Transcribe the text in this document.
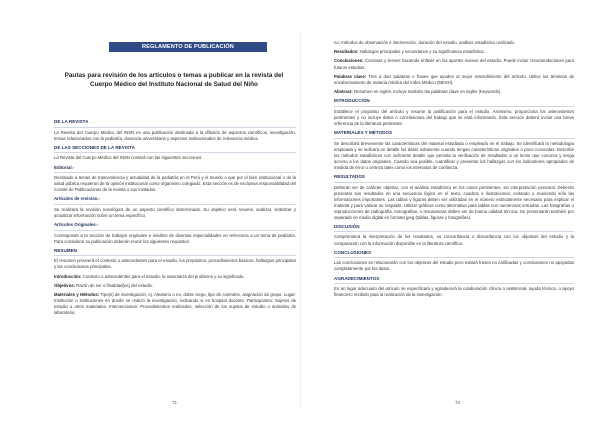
REGLAMENTO DE PUBLICACIÓN
Pautas para revisión de los artículos o temas a publicar en la revista del Cuerpo Médico del Instituto Nacional de Salud del Niño
DE LA REVISTA

La Revista del Cuerpo Médico del INSN es una publicación destinada a la difusión de aspectos científicos, investigación, temas relacionados con la pediatría, docencia universitaria y aspectos institucionales de relevancia médica.

DE LAS SECCIONES DE LA REVISTA

La Revista del Cuerpo Médico del INSN contará con las siguientes secciones:

Editorial.-

Destinado a temas de trascendencia y actualidad de la pediatría en el Perú y el mundo o que por el bien institucional o de la salud pública requieran de la opinión institucional como organismo colegiado. Esta sección es de exclusiva responsabilidad del Comité de Publicaciones de la revista o sus invitados.

Artículos de revisión.-

Se realizará la revisión nosológica de un aspecto científico determinado. Su objetivo será resumir, analizar, sintetizar y actualizar información sobre un tema específico.

Artículos Originales.-

Corresponde a la sección de trabajos originales e inéditos de diversas especialidades en referencia a un tema de pediatría. Para considerar su publicación deberán reunir los siguientes requisitos:

RESUMEN

El resumen proveerá el contexto o antecedentes para el estudio, los propósitos, procedimientos básicos, hallazgos principales y las conclusiones principales.

Introducción: Contexto o antecedentes para el estudio, la naturaleza del problema y su significado.

Objetivos: Razón de ser o finalidad(es) del estudio.

Materiales y Métodos: Tipo(s) de investigación, ej. Aleatorio o no, doble ciego, tipo de controles, asignación de grupo. Lugar: Institución o instituciones en donde se realizó la investigación, indicando si es hospital docente. Participantes: Sujetos de estudio u otros materiales. Intervenciones: Procedimientos realizados, selección de los sujetos de estudio o animales de laboratorio,

71

no; métodos de observación e intervención, duración del estudio, análisis estadístico realizado.

Resultados: Hallazgos principales y secundarios y su significancia estadística.

Conclusiones: Concisas y breves haciendo énfasis en los aportes nuevos del estudio. Puede incluir recomendaciones para futuros estudios.

Palabras clave: Tres a diez palabras o frases que ayuden al mejor entendimiento del artículo. Utilice los términos de encabezamiento de materia médica del Index Médico (MESH).

Abstract: Resumen en inglés. Incluye también las palabras clave en inglés (Keywords).

INTRODUCCIÓN

Establece el propósito del artículo y resume la justificación para el estudio. Asimismo, proporciona los antecedentes pertinentes y no incluye datos o conclusiones del trabajo que se está informando. Esta sección deberá incluir una breve referencia de la literatura pertinente.

MATERIALES Y MÉTODOS

Se describirá brevemente las características del material estudiado o empleado en el trabajo. Se identificará la metodología empleada y se indicará en detalle los datos solamente cuando tengan características originales o poco conocidas. Describir los métodos estadísticos con suficiente detalle que permita la verificación de resultados a un lector que conozca y tenga acceso a los datos originales. Cuando sea posible, cuantificar y presentar los hallazgos con los indicadores apropiados de medida de error o certeza tales como los intervalos de confianza.

RESULTADOS

Deberán ser de carácter objetivo, con el análisis estadístico en los casos pertinentes, sin interpretación personal. Deberán presentar sus resultados en una secuencia lógica en el texto, cuadros e ilustraciones; evitando o reuniendo sólo las informaciones importantes. Las tablas y figuras deben ser utilizadas en el número estrictamente necesario para explicar el material y para valorar su respaldo. Utilizar gráficos como alternativa para tablas con numerosas entradas. Las fotografías o reproducciones de radiografía, tomografías, o resonancias deben ser de buena calidad técnica. Se presentarán también por separado en medio digital en formato jpeg (tablas, figuras y fotografías).

DISCUSIÓN

Comprenderá la interpretación de los resultados, su concordancia o discordancia con los objetivos del estudio y la comparación con la información disponible en la literatura científica.

CONCLUSIONES

Las conclusiones se relacionarán con los objetivos del estudio pero evitará frases no calificadas y conclusiones no apoyadas completamente por los datos.

AGRADECIMIENTOS

En un lugar adecuado del artículo se especificará y agradecerá la colaboración clínica o asistencial, ayuda técnica, o apoyo financiero recibido para la realización de la investigación.

72
